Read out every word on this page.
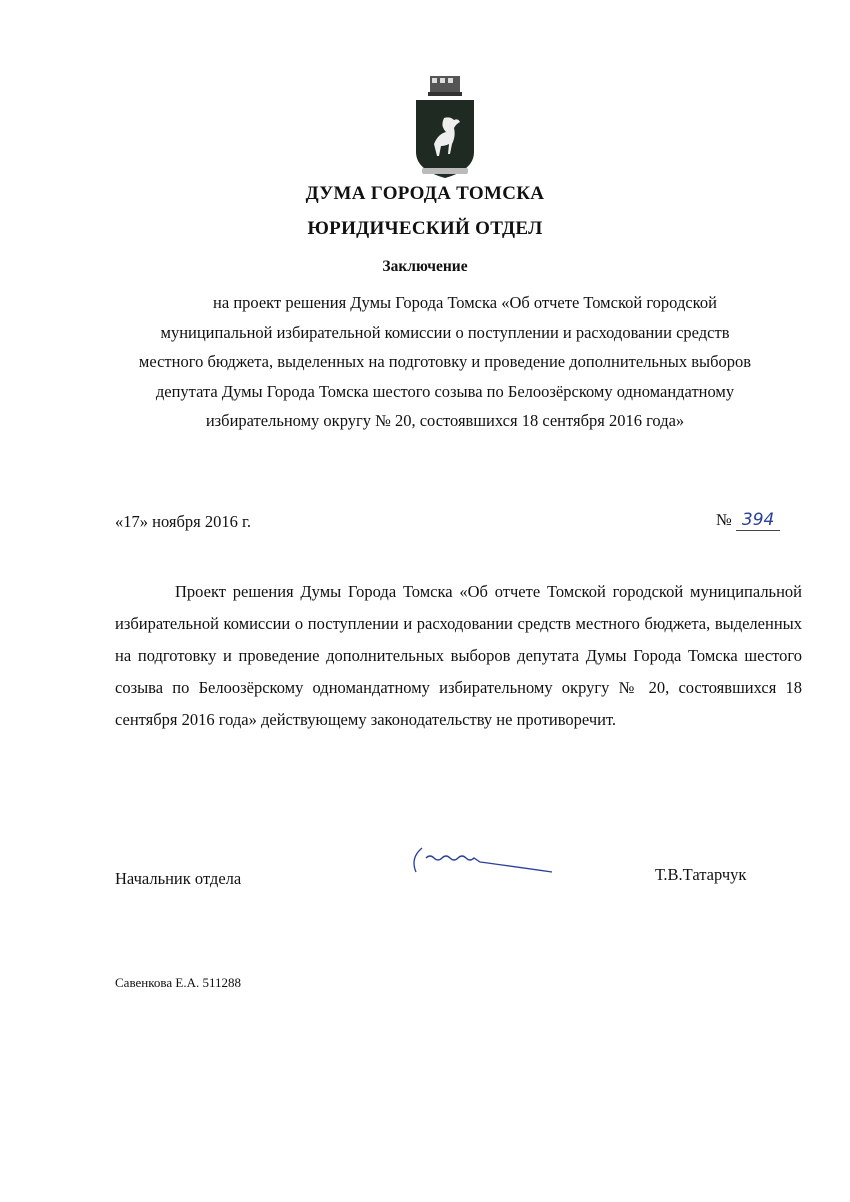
ДУМА ГОРОДА ТОМСКА
ЮРИДИЧЕСКИЙ ОТДЕЛ
Заключение
на проект решения Думы Города Томска «Об отчете Томской городской
муниципальной избирательной комиссии о поступлении и расходовании средств
местного бюджета, выделенных на подготовку и проведение дополнительных выборов
депутата Думы Города Томска шестого созыва по Белоозёрскому одномандатному
избирательному округу № 20, состоявшихся 18 сентября 2016 года»
«17» ноября 2016 г.	№ 394
Проект решения Думы Города Томска «Об отчете Томской городской муниципальной избирательной комиссии о поступлении и расходовании средств местного бюджета, выделенных на подготовку и проведение дополнительных выборов депутата Думы Города Томска шестого созыва по Белоозёрскому одномандатному избирательному округу № 20, состоявшихся 18 сентября 2016 года» действующему законодательству не противоречит.
Начальник отдела	Т.В.Татарчук
Савенкова Е.А. 511288
